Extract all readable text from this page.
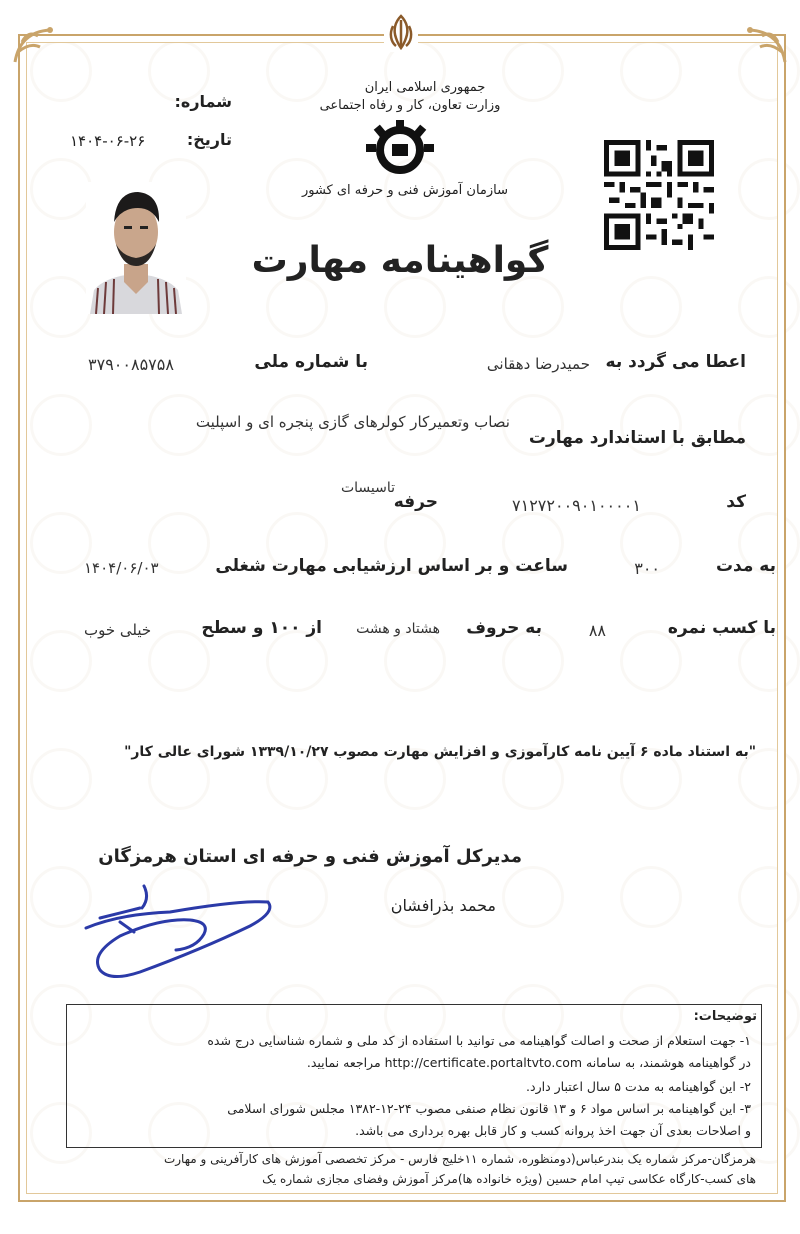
جمهوری اسلامی ایران
وزارت تعاون، کار و رفاه اجتماعی
سازمان آموزش فنی و حرفه ای کشور
شماره:
تاریخ:
۱۴۰۴-۰۶-۲۶
گواهینامه مهارت
اعطا می گردد به
حمیدرضا دهقانی
با شماره ملی
۳۷۹۰۰۸۵۷۵۸
نصاب وتعمیرکار کولرهای گازی پنجره ای و اسپلیت
مطابق با استاندارد مهارت
کد
۷۱۲۷۲۰۰۹۰۱۰۰۰۰۱
حرفه
تاسیسات
به مدت
۳۰۰
ساعت و بر اساس ارزشیابی مهارت شغلی
۱۴۰۴/۰۶/۰۳
با کسب نمره
۸۸
به حروف
هشتاد و هشت
از ۱۰۰ و سطح
خیلی خوب
"به استناد ماده ۶ آیین نامه کارآموزی و افزایش مهارت مصوب ۱۳۳۹/۱۰/۲۷ شورای عالی کار"
مدیرکل آموزش فنی و حرفه ای استان هرمزگان
محمد بذرافشان
توضیحات:
۱- جهت استعلام از صحت و اصالت گواهینامه می توانید با استفاده از کد ملی و شماره شناسایی درج شده
در گواهینامه هوشمند، به سامانه http://certificate.portaltvto.com مراجعه نمایید.
۲- این گواهینامه به مدت ۵ سال اعتبار دارد.
۳- این گواهینامه بر اساس مواد ۶ و ۱۳ قانون نظام صنفی مصوب ۲۴-۱۲-۱۳۸۲ مجلس شورای اسلامی
و اصلاحات بعدی آن جهت اخذ پروانه کسب و کار قابل بهره برداری می باشد.
هرمزگان-مرکز شماره یک بندرعباس(دومنظوره، شماره ۱۱خلیج فارس - مرکز تخصصی آموزش های کارآفرینی و مهارت
های کسب-کارگاه عکاسی تیپ امام حسین (ویژه خانواده ها)مرکز آموزش وفضای مجازی شماره یک
